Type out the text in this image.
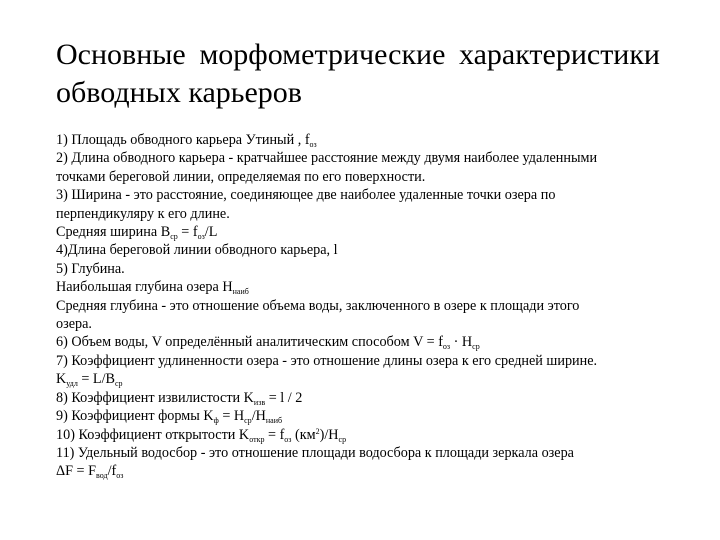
Основные морфометрические характеристики
обводных карьеров

1) Площадь обводного карьера Утиный , $f_{оз}$

2) Длина обводного карьера - кратчайшее расстояние между двумя наиболее удаленными

точками береговой линии, определяемая по его поверхности.

3) Ширина - это расстояние, соединяющее две наиболее удаленные точки озера по

перпендикуляру к его длине.

Средняя ширина $B_{ср} = f_{оз}/L$

4)Длина береговой линии обводного карьера, l

5) Глубина.

Наибольшая глубина озера $H_{наиб}$

Средняя глубина - это отношение объема воды, заключенного в озере к площади этого

озера.

6) Объем воды, V определённый аналитическим способом $V = f_{оз} \cdot H_{ср}$

7) Коэффициент удлиненности озера - это отношение длины озера к его средней ширине.

$K_{удл} = L/B_{ср}$

8) Коэффициент извилистости $K_{изв} = l / 2$

9) Коэффициент формы $K_ф = H_{ср}/H_{наиб}$

10) Коэффициент открытости $K_{откр} = f_{оз}$ $(км^2)/H_{ср}$

11) Удельный водосбор - это отношение площади водосбора к площади зеркала озера

$\Delta F = F_{вод}/f_{оз}$
